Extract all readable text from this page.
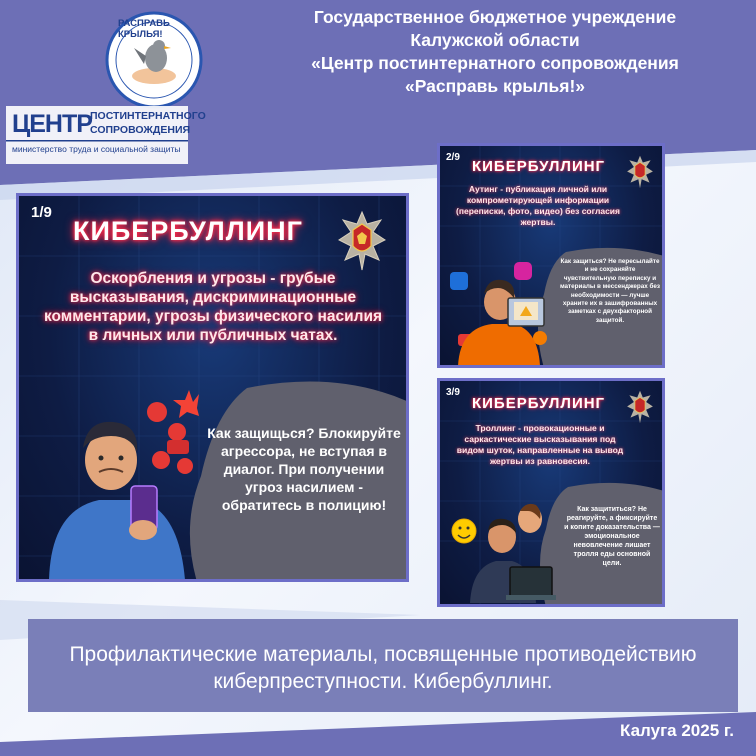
РАСПРАВЬ КРЫЛЬЯ!
ЦЕНТР
ПОСТИНТЕРНАТНОГО
СОПРОВОЖДЕНИЯ
министерство труда и социальной защиты
Государственное бюджетное учреждение
Калужской области
«Центр постинтернатного сопровождения
«Расправь крылья!»
1/9
КИБЕРБУЛЛИНГ
Оскорбления и угрозы - грубые высказывания, дискриминационные комментарии, угрозы физического насилия в личных или публичных чатах.
Как защищься? Блокируйте агрессора, не вступая в диалог. При получении угроз насилием - обратитесь в полицию!
2/9
КИБЕРБУЛЛИНГ
Аутинг - публикация личной или компрометирующей информации (переписки, фото, видео) без согласия жертвы.
Как защиться? Не пересылайте и не сохраняйте чувствительную переписку и материалы в мессенджерах без необходимости — лучше храните их в зашифрованных заметках с двухфакторной защитой.
3/9
КИБЕРБУЛЛИНГ
Троллинг - провокационные и саркастические высказывания под видом шуток, направленные на вывод жертвы из равновесия.
Как защититься? Не реагируйте, а фиксируйте и копите доказательства — эмоциональное невовлечение лишает тролля еды основной цели.
Профилактические материалы, посвященные противодействию киберпреступности. Кибербуллинг.
Калуга 2025 г.
